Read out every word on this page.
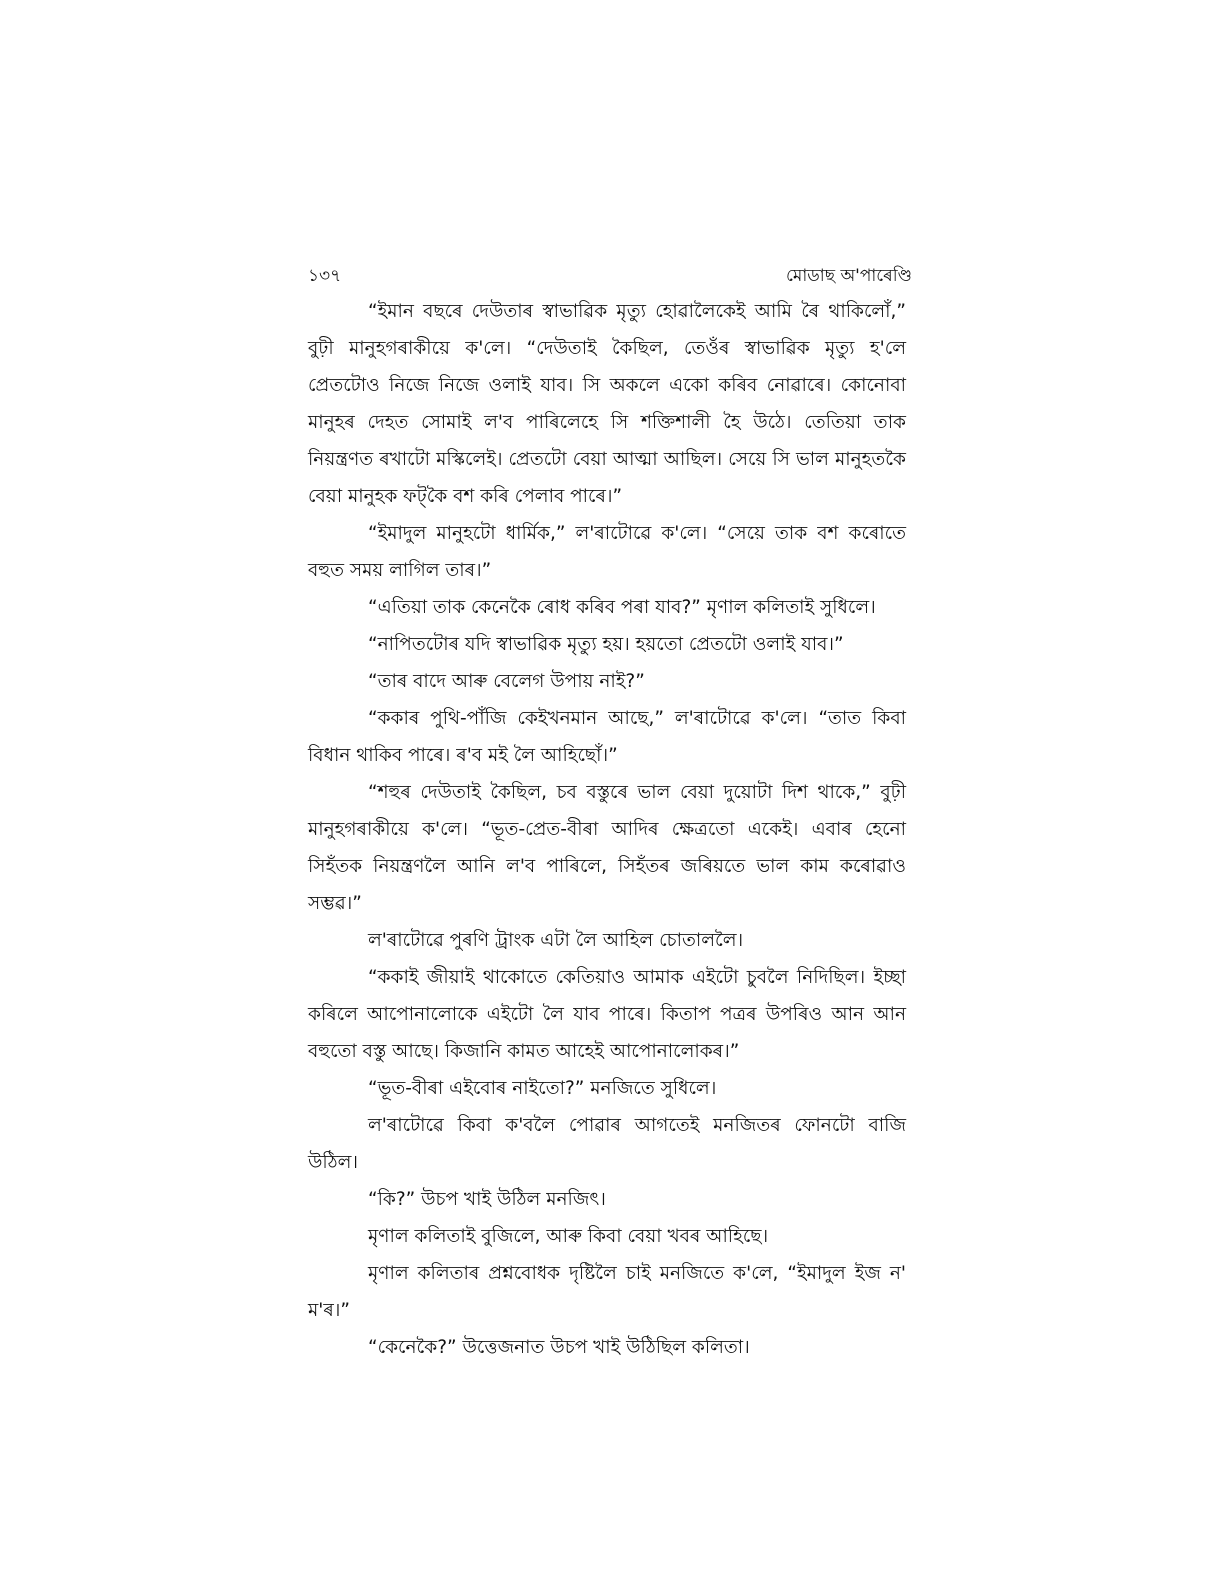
১৩৭	মোডাছ অ'পাৰেণ্ডি

“ইমান বছৰে দেউতাৰ স্বাভাৱিক মৃত্যু হোৱালৈকেই আমি ৰৈ থাকিলোঁ,” বুঢ়ী মানুহগৰাকীয়ে ক'লে। “দেউতাই কৈছিল, তেওঁৰ স্বাভাৱিক মৃত্যু হ'লে প্ৰেতটোও নিজে নিজে ওলাই যাব। সি অকলে একো কৰিব নোৱাৰে। কোনোবা মানুহৰ দেহত সোমাই ল'ব পাৰিলেহে সি শক্তিশালী হৈ উঠে। তেতিয়া তাক নিয়ন্ত্ৰণত ৰখাটো মস্কিলেই। প্ৰেতটো বেয়া আত্মা আছিল। সেয়ে সি ভাল মানুহতকৈ বেয়া মানুহক ফট্‌কৈ বশ কৰি পেলাব পাৰে।”

“ইমাদুল মানুহটো ধাৰ্মিক,” ল'ৰাটোৱে ক'লে। “সেয়ে তাক বশ কৰোতে বহুত সময় লাগিল তাৰ।”

“এতিয়া তাক কেনেকৈ ৰোধ কৰিব পৰা যাব?” মৃণাল কলিতাই সুধিলে।

“নাপিতটোৰ যদি স্বাভাৱিক মৃত্যু হয়। হয়তো প্ৰেতটো ওলাই যাব।”

“তাৰ বাদে আৰু বেলেগ উপায় নাই?”

“ককাৰ পুথি-পাঁজি কেইখনমান আছে,” ল'ৰাটোৱে ক'লে। “তাত কিবা বিধান থাকিব পাৰে। ৰ'ব মই লৈ আহিছোঁ।”

“শহুৰ দেউতাই কৈছিল, চব বস্তুৰে ভাল বেয়া দুয়োটা দিশ থাকে,” বুঢ়ী মানুহগৰাকীয়ে ক'লে। “ভূত-প্ৰেত-বীৰা আদিৰ ক্ষেত্ৰতো একেই। এবাৰ হেনো সিহঁতক নিয়ন্ত্ৰণলৈ আনি ল'ব পাৰিলে, সিহঁতৰ জৰিয়তে ভাল কাম কৰোৱাও সম্ভৱ।”

ল'ৰাটোৱে পুৰণি ট্ৰাংক এটা লৈ আহিল চোতাললৈ।

“ককাই জীয়াই থাকোতে কেতিয়াও আমাক এইটো চুবলৈ নিদিছিল। ইচ্ছা কৰিলে আপোনালোকে এইটো লৈ যাব পাৰে। কিতাপ পত্ৰৰ উপৰিও আন আন বহুতো বস্তু আছে। কিজানি কামত আহেই আপোনালোকৰ।”

“ভূত-বীৰা এইবোৰ নাইতো?” মনজিতে সুধিলে।

ল'ৰাটোৱে কিবা ক'বলৈ পোৱাৰ আগতেই মনজিতৰ ফোনটো বাজি উঠিল।

“কি?” উচপ খাই উঠিল মনজিৎ।

মৃণাল কলিতাই বুজিলে, আৰু কিবা বেয়া খবৰ আহিছে।

মৃণাল কলিতাৰ প্ৰশ্নবোধক দৃষ্টিলৈ চাই মনজিতে ক'লে, “ইমাদুল ইজ ন' ম'ৰ।”

“কেনেকৈ?” উত্তেজনাত উচপ খাই উঠিছিল কলিতা।
